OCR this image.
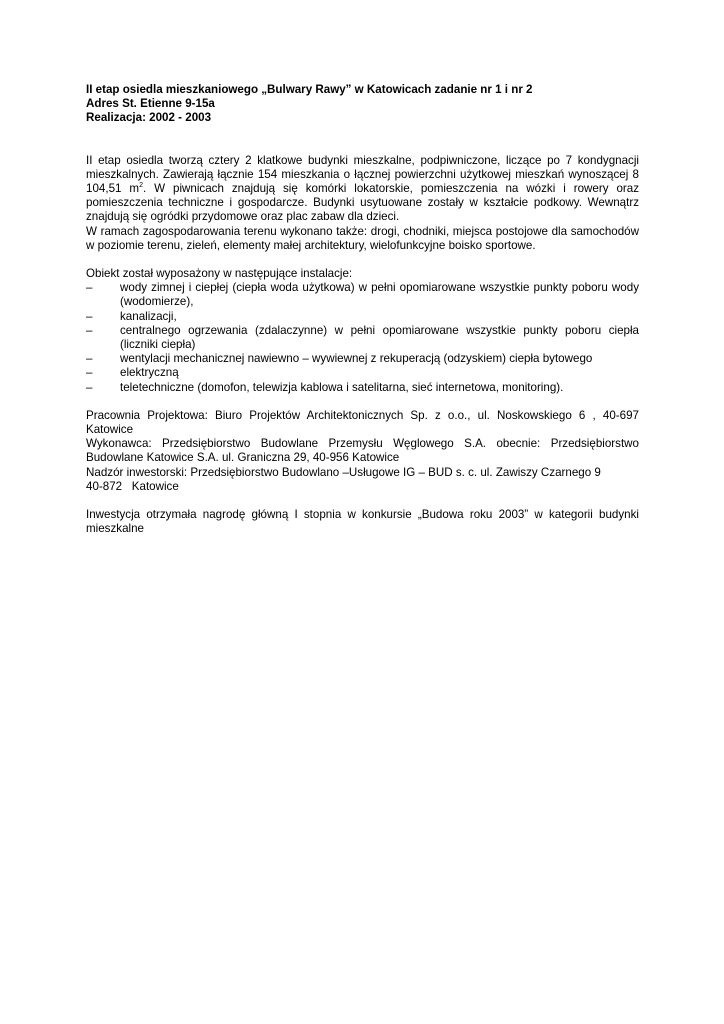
II etap osiedla mieszkaniowego „Bulwary Rawy” w Katowicach zadanie nr 1 i nr 2
Adres St. Etienne 9-15a
Realizacja: 2002 - 2003

II etap osiedla tworzą cztery 2 klatkowe budynki mieszkalne, podpiwniczone, liczące po 7 kondygnacji mieszkalnych. Zawierają łącznie 154 mieszkania o łącznej powierzchni użytkowej mieszkań wynoszącej 8 104,51 $m^2$. W piwnicach znajdują się komórki lokatorskie, pomieszczenia na wózki i rowery oraz pomieszczenia techniczne i gospodarcze. Budynki usytuowane zostały w kształcie podkowy. Wewnątrz znajdują się ogródki przydomowe oraz plac zabaw dla dzieci.

W ramach zagospodarowania terenu wykonano także: drogi, chodniki, miejsca postojowe dla samochodów w poziomie terenu, zieleń, elementy małej architektury, wielofunkcyjne boisko sportowe.

Obiekt został wyposażony w następujące instalacje:

– wody zimnej i ciepłej (ciepła woda użytkowa) w pełni opomiarowane wszystkie punkty poboru wody (wodomierze),
– kanalizacji,
– centralnego ogrzewania (zdalaczynne) w pełni opomiarowane wszystkie punkty poboru ciepła (liczniki ciepła)
– wentylacji mechanicznej nawiewno – wywiewnej z rekuperacją (odzyskiem) ciepła bytowego
– elektryczną
– teletechniczne (domofon, telewizja kablowa i satelitarna, sieć internetowa, monitoring).

Pracownia Projektowa: Biuro Projektów Architektonicznych Sp. z o.o., ul. Noskowskiego 6 , 40-697 Katowice

Wykonawca: Przedsiębiorstwo Budowlane Przemysłu Węglowego S.A. obecnie: Przedsiębiorstwo Budowlane Katowice S.A. ul. Graniczna 29, 40-956 Katowice

Nadzór inwestorski: Przedsiębiorstwo Budowlano –Usługowe IG – BUD s. c. ul. Zawiszy Czarnego 9

40-872   Katowice

Inwestycja otrzymała nagrodę główną I stopnia w konkursie „Budowa roku 2003” w kategorii budynki mieszkalne
